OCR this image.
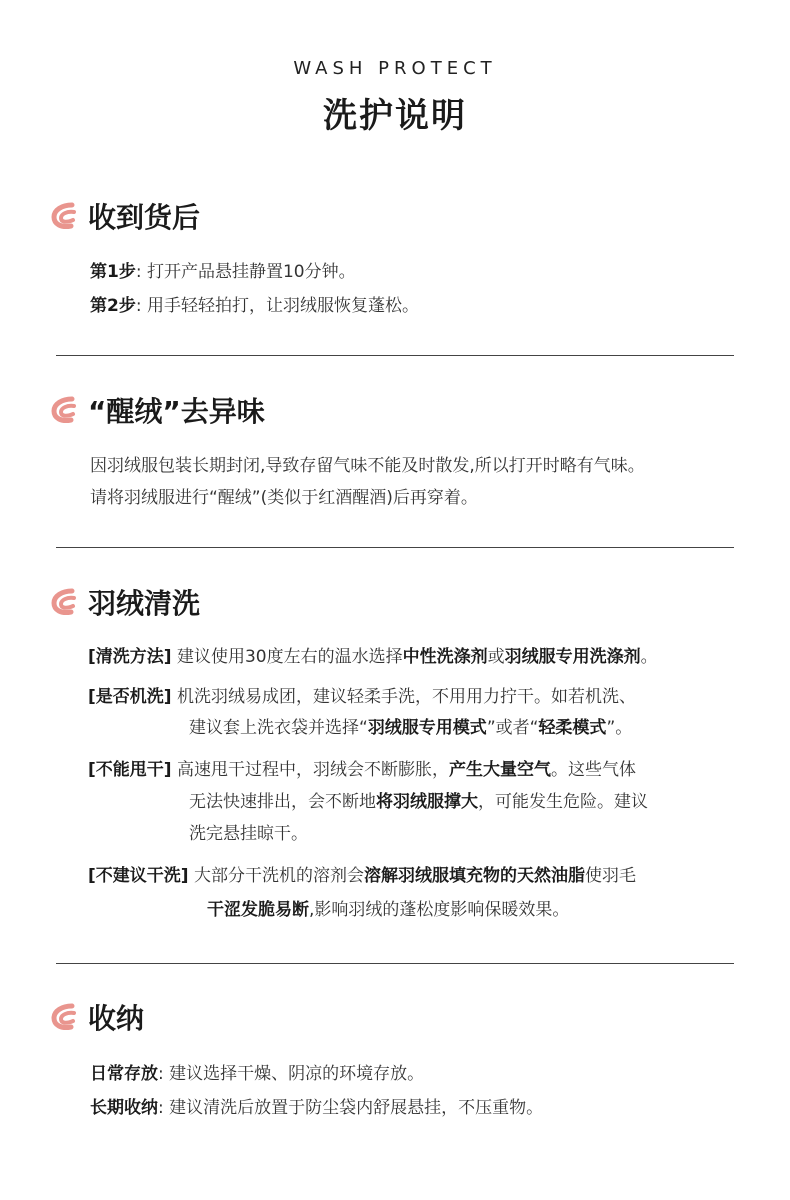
WASH PROTECT
洗护说明
收到货后
第1步: 打开产品悬挂静置10分钟。
第2步: 用手轻轻拍打，让羽绒服恢复蓬松。
“醒绒”去异味
因羽绒服包装长期封闭,导致存留气味不能及时散发,所以打开时略有气味。
请将羽绒服进行“醒绒”(类似于红酒醒酒)后再穿着。
羽绒清洗
[清洗方法] 建议使用30度左右的温水选择中性洗涤剂或羽绒服专用洗涤剂。
[是否机洗] 机洗羽绒易成团，建议轻柔手洗，不用用力拧干。如若机洗、
建议套上洗衣袋并选择“羽绒服专用模式”或者“轻柔模式”。
[不能甩干] 高速甩干过程中，羽绒会不断膨胀，产生大量空气。这些气体
无法快速排出，会不断地将羽绒服撑大，可能发生危险。建议
洗完悬挂晾干。
[不建议干洗] 大部分干洗机的溶剂会溶解羽绒服填充物的天然油脂使羽毛
干涩发脆易断,影响羽绒的蓬松度影响保暖效果。
收纳
日常存放: 建议选择干燥、阴凉的环境存放。
长期收纳: 建议清洗后放置于防尘袋内舒展悬挂，不压重物。
